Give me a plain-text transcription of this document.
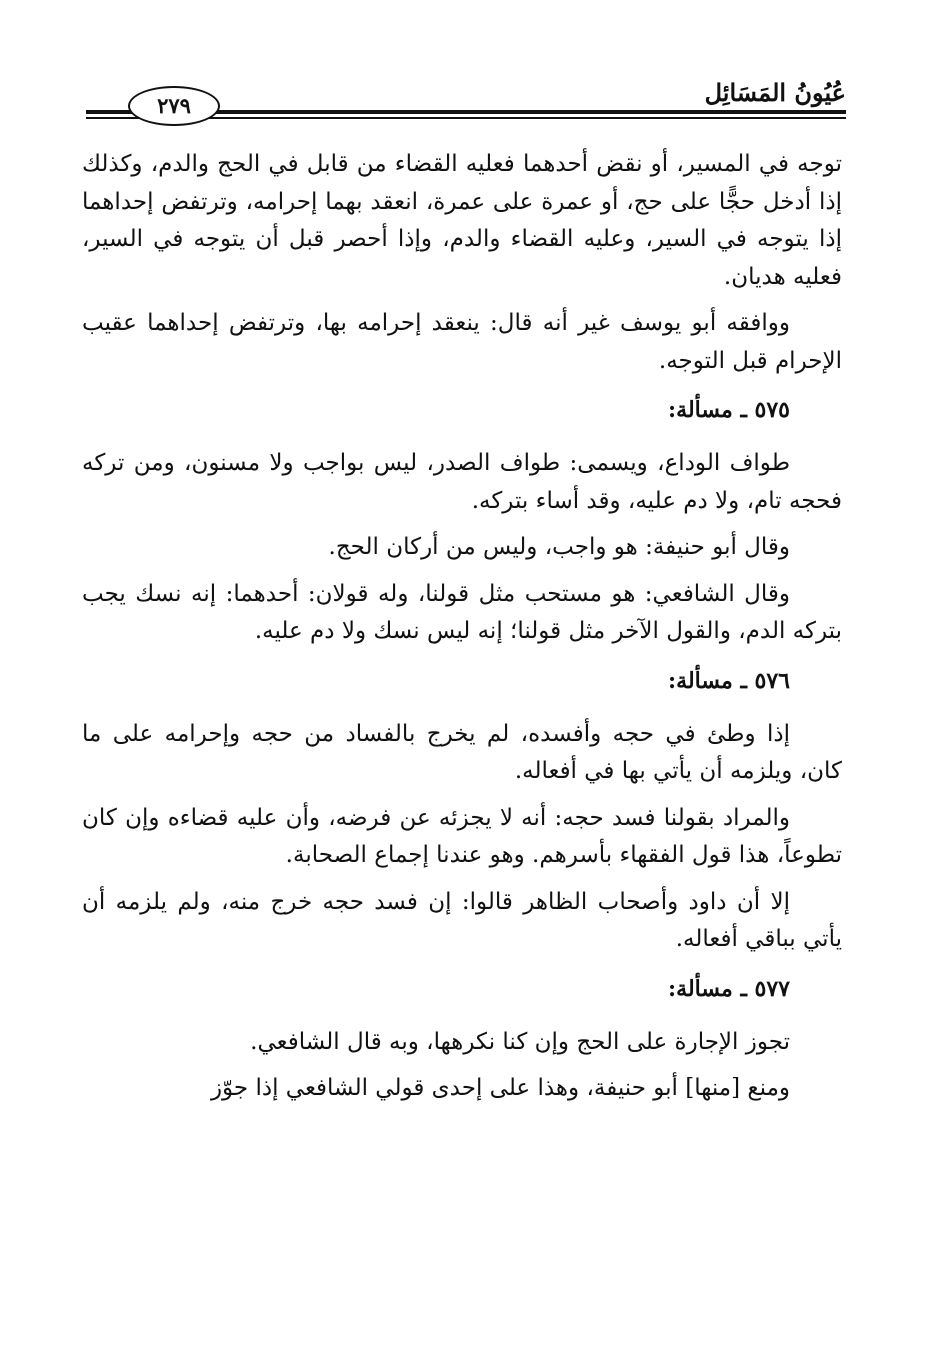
عُيُونُ المَسَائِل
٢٧٩

توجه في المسير، أو نقض أحدهما فعليه القضاء من قابل في الحج والدم، وكذلك إذا أدخل حجًّا على حج، أو عمرة على عمرة، انعقد بهما إحرامه، وترتفض إحداهما إذا يتوجه في السير، وعليه القضاء والدم، وإذا أحصر قبل أن يتوجه في السير، فعليه هديان.

ووافقه أبو يوسف غير أنه قال: ينعقد إحرامه بها، وترتفض إحداهما عقيب الإحرام قبل التوجه.

٥٧٥ ـ مسألة:

طواف الوداع، ويسمى: طواف الصدر، ليس بواجب ولا مسنون، ومن تركه فحجه تام، ولا دم عليه، وقد أساء بتركه.

وقال أبو حنيفة: هو واجب، وليس من أركان الحج.

وقال الشافعي: هو مستحب مثل قولنا، وله قولان: أحدهما: إنه نسك يجب بتركه الدم، والقول الآخر مثل قولنا؛ إنه ليس نسك ولا دم عليه.

٥٧٦ ـ مسألة:

إذا وطئ في حجه وأفسده، لم يخرج بالفساد من حجه وإحرامه على ما كان، ويلزمه أن يأتي بها في أفعاله.

والمراد بقولنا فسد حجه: أنه لا يجزئه عن فرضه، وأن عليه قضاءه وإن كان تطوعاً، هذا قول الفقهاء بأسرهم. وهو عندنا إجماع الصحابة.

إلا أن داود وأصحاب الظاهر قالوا: إن فسد حجه خرج منه، ولم يلزمه أن يأتي بباقي أفعاله.

٥٧٧ ـ مسألة:

تجوز الإجارة على الحج وإن كنا نكرهها، وبه قال الشافعي.

ومنع [منها] أبو حنيفة، وهذا على إحدى قولي الشافعي إذا جوّز
